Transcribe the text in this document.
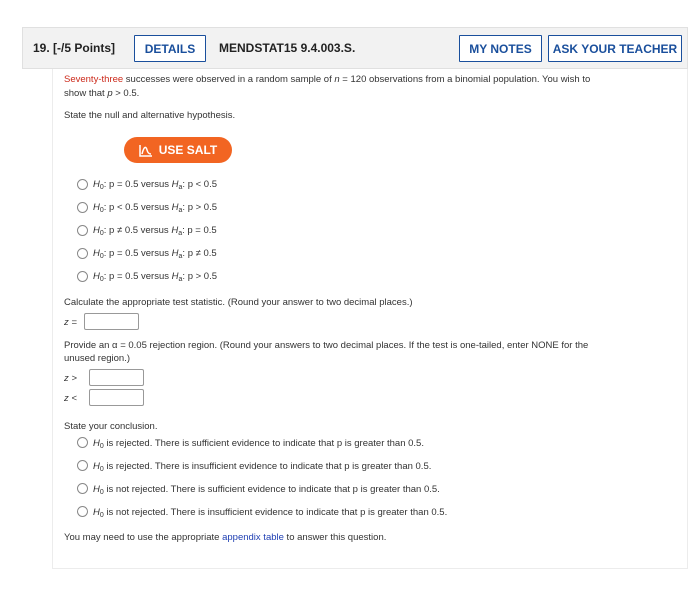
19. [-/5 Points]	DETAILS	MENDSTAT15 9.4.003.S.	MY NOTES	ASK YOUR TEACHER
Seventy-three successes were observed in a random sample of n = 120 observations from a binomial population. You wish to
show that p > 0.5.
State the null and alternative hypothesis.
USE SALT
$H_0$: p = 0.5 versus $H_a$: p < 0.5
$H_0$: p < 0.5 versus $H_a$: p > 0.5
$H_0$: p ≠ 0.5 versus $H_a$: p = 0.5
$H_0$: p = 0.5 versus $H_a$: p ≠ 0.5
$H_0$: p = 0.5 versus $H_a$: p > 0.5
Calculate the appropriate test statistic. (Round your answer to two decimal places.)
z =
Provide an α = 0.05 rejection region. (Round your answers to two decimal places. If the test is one-tailed, enter NONE for the
unused region.)
z >
z <
State your conclusion.
$H_0$ is rejected. There is sufficient evidence to indicate that p is greater than 0.5.
$H_0$ is rejected. There is insufficient evidence to indicate that p is greater than 0.5.
$H_0$ is not rejected. There is sufficient evidence to indicate that p is greater than 0.5.
$H_0$ is not rejected. There is insufficient evidence to indicate that p is greater than 0.5.
You may need to use the appropriate appendix table to answer this question.
